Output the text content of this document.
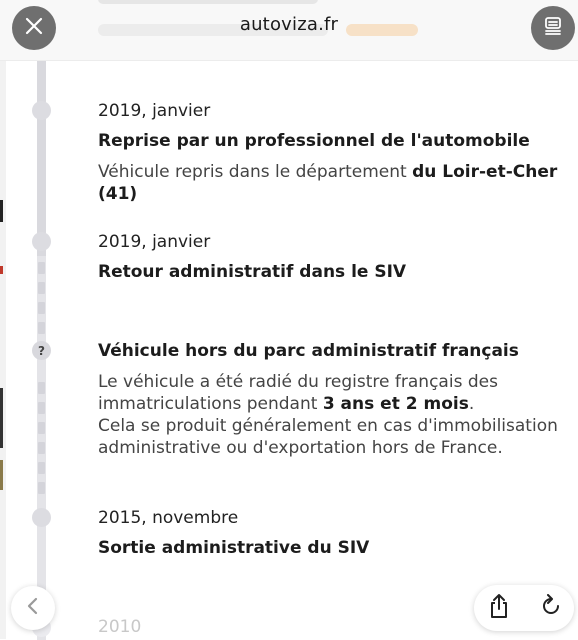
?
2019, janvier
Reprise par un professionnel de l'automobile
Véhicule repris dans le département du Loir-et-Cher (41)
2019, janvier
Retour administratif dans le SIV
Véhicule hors du parc administratif français
Le véhicule a été radié du registre français des
immatriculations pendant 3 ans et 2 mois.
Cela se produit généralement en cas d'immobilisation
administrative ou d'exportation hors de France.
2015, novembre
Sortie administrative du SIV
2010
autoviza.fr
